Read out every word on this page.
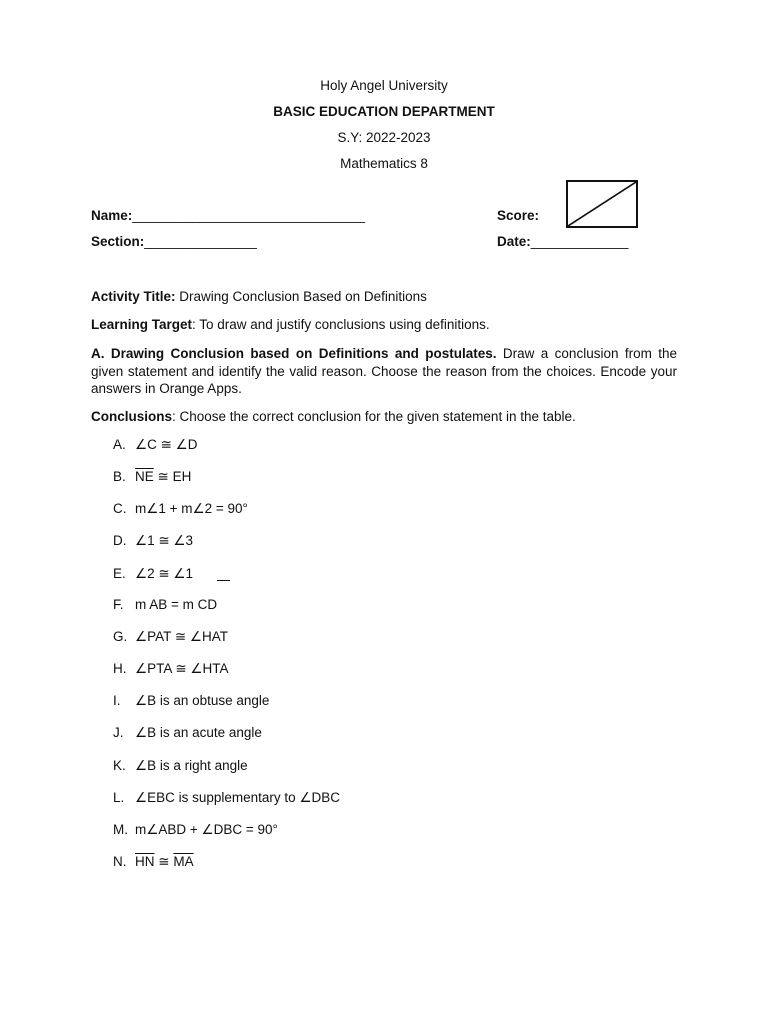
Holy Angel University
BASIC EDUCATION DEPARTMENT
S.Y: 2022-2023
Mathematics 8
Name:_______________________________	Score:
Section:_______________	Date:_____________
Activity Title: Drawing Conclusion Based on Definitions
Learning Target: To draw and justify conclusions using definitions.
A. Drawing Conclusion based on Definitions and postulates. Draw a conclusion from the given statement and identify the valid reason. Choose the reason from the choices. Encode your answers in Orange Apps.
Conclusions: Choose the correct conclusion for the given statement in the table.
A. ∠C ≅ ∠D
B. $\overline{NE}$ ≅ EH
C. m∠1 + m∠2 = 90°
D. ∠1 ≅ ∠3
E. ∠2 ≅ ∠1
F. m AB = m CD
G. ∠PAT ≅ ∠HAT
H. ∠PTA ≅ ∠HTA
I. ∠B is an obtuse angle
J. ∠B is an acute angle
K. ∠B is a right angle
L. ∠EBC is supplementary to ∠DBC
M. m∠ABD + ∠DBC = 90°
N. $\overline{HN}$ ≅ $\overline{MA}$
